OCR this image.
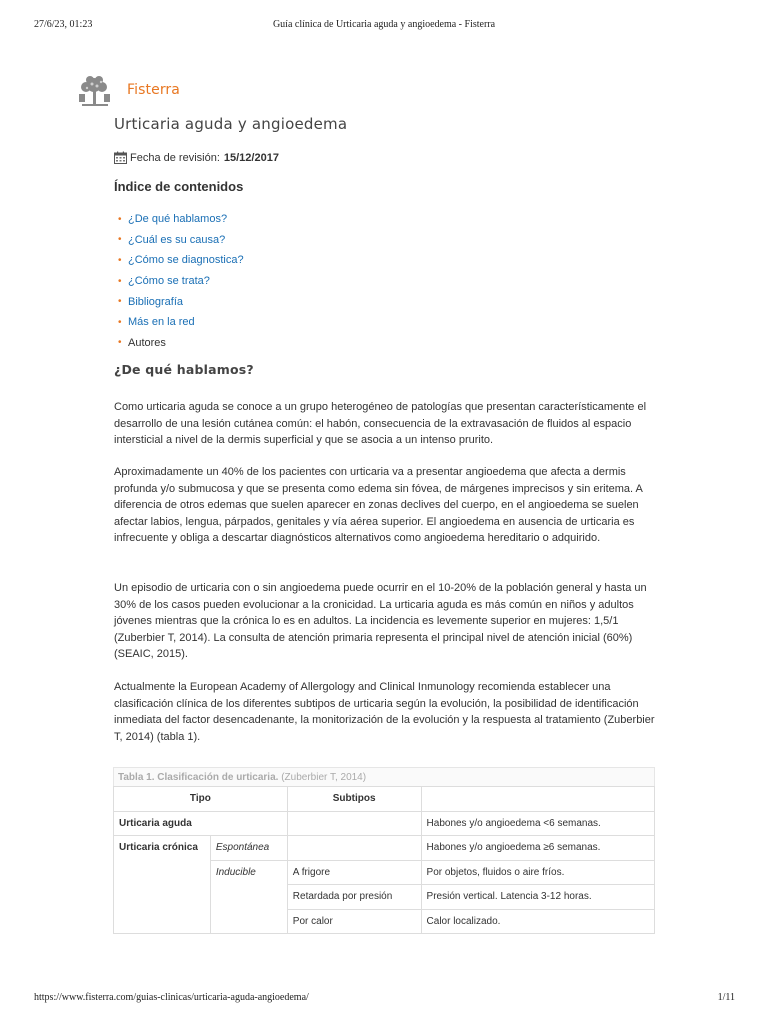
27/6/23, 01:23	Guía clínica de Urticaria aguda y angioedema - Fisterra
Fisterra
Urticaria aguda y angioedema
Fecha de revisión: 15/12/2017
Índice de contenidos
• ¿De qué hablamos?
• ¿Cuál es su causa?
• ¿Cómo se diagnostica?
• ¿Cómo se trata?
• Bibliografía
• Más en la red
• Autores
¿De qué hablamos?

Como urticaria aguda se conoce a un grupo heterogéneo de patologías que presentan característicamente el desarrollo de una lesión cutánea común: el habón, consecuencia de la extravasación de fluidos al espacio intersticial a nivel de la dermis superficial y que se asocia a un intenso prurito.

Aproximadamente un 40% de los pacientes con urticaria va a presentar angioedema que afecta a dermis profunda y/o submucosa y que se presenta como edema sin fóvea, de márgenes imprecisos y sin eritema. A diferencia de otros edemas que suelen aparecer en zonas declives del cuerpo, en el angioedema se suelen afectar labios, lengua, párpados, genitales y vía aérea superior. El angioedema en ausencia de urticaria es infrecuente y obliga a descartar diagnósticos alternativos como angioedema hereditario o adquirido.

Un episodio de urticaria con o sin angioedema puede ocurrir en el 10-20% de la población general y hasta un 30% de los casos pueden evolucionar a la cronicidad. La urticaria aguda es más común en niños y adultos jóvenes mientras que la crónica lo es en adultos. La incidencia es levemente superior en mujeres: 1,5/1 (Zuberbier T, 2014). La consulta de atención primaria representa el principal nivel de atención inicial (60%) (SEAIC, 2015).

Actualmente la European Academy of Allergology and Clinical Inmunology recomienda establecer una clasificación clínica de los diferentes subtipos de urticaria según la evolución, la posibilidad de identificación inmediata del factor desencadenante, la monitorización de la evolución y la respuesta al tratamiento (Zuberbier T, 2014) (tabla 1).

Tabla 1. Clasificación de urticaria. (Zuberbier T, 2014)
Tipo		Subtipos	
Urticaria aguda			Habones y/o angioedema <6 semanas.
Urticaria crónica	Espontánea		Habones y/o angioedema ≥6 semanas.
	Inducible	A frigore	Por objetos, fluidos o aire fríos.
		Retardada por presión	Presión vertical. Latencia 3-12 horas.
		Por calor	Calor localizado.
https://www.fisterra.com/guias-clinicas/urticaria-aguda-angioedema/	1/11
